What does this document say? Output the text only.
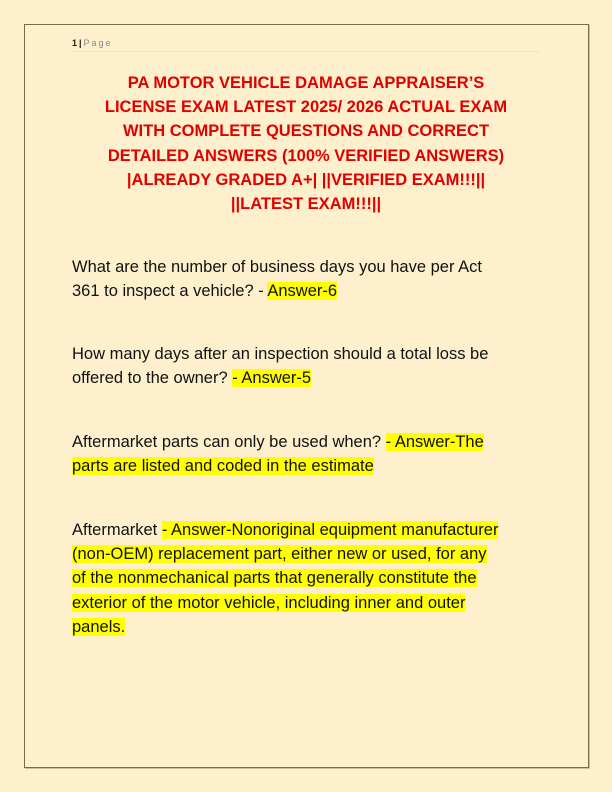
1 | Page
PA MOTOR VEHICLE DAMAGE APPRAISER’S
LICENSE EXAM LATEST 2025/ 2026 ACTUAL EXAM
WITH COMPLETE QUESTIONS AND CORRECT
DETAILED ANSWERS (100% VERIFIED ANSWERS)
|ALREADY GRADED A+| ||VERIFIED EXAM!!!||
||LATEST EXAM!!!||
What are the number of business days you have per Act
361 to inspect a vehicle? - Answer-6
How many days after an inspection should a total loss be
offered to the owner? - Answer-5
Aftermarket parts can only be used when? - Answer-The
parts are listed and coded in the estimate
Aftermarket - Answer-Nonoriginal equipment manufacturer
(non-OEM) replacement part, either new or used, for any
of the nonmechanical parts that generally constitute the
exterior of the motor vehicle, including inner and outer
panels.
